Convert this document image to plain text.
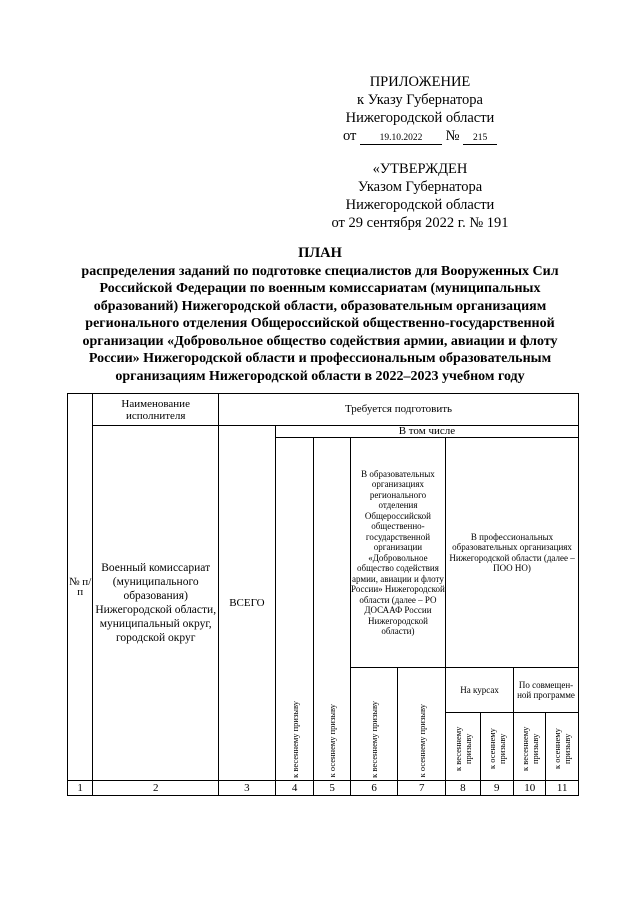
ПРИЛОЖЕНИЕ
к Указу Губернатора
Нижегородской области
от 19.10.2022 № 215
«УТВЕРЖДЕН
Указом Губернатора
Нижегородской области
от 29 сентября 2022 г. № 191
ПЛАН
распределения заданий по подготовке специалистов для Вооруженных Сил Российской Федерации по военным комиссариатам (муниципальных образований) Нижегородской области, образовательным организациям регионального отделения Общероссийской общественно-государственной организации «Добровольное общество содействия армии, авиации и флоту России» Нижегородской области и профессиональным образовательным организациям Нижегородской области в 2022–2023 учебном году
№ п/п	Наименование исполнителя	Требуется подготовить								
	Военный комиссариат (муниципального образования) Нижегородской области, муниципальный округ, городской округ	ВСЕГО	В том числе							
			к весеннему призыву	к осеннему призыву	В образовательных организациях регионального отделения Общероссийской общественно-государственной организации «Добровольное общество содействия армии, авиации и флоту России» Нижегородской области (далее – РО ДОСААФ России Нижегородской области)		В профессиональных образовательных организациях Нижегородской области (далее – ПОО НО)			
					к весеннему призыву	к осеннему призыву	На курсах		По совмещен-ной программе	
							к весеннему призыву	к осеннему призыву	к весеннему призыву	к осеннему призыву
1	2	3	4	5	6	7	8	9	10	11
